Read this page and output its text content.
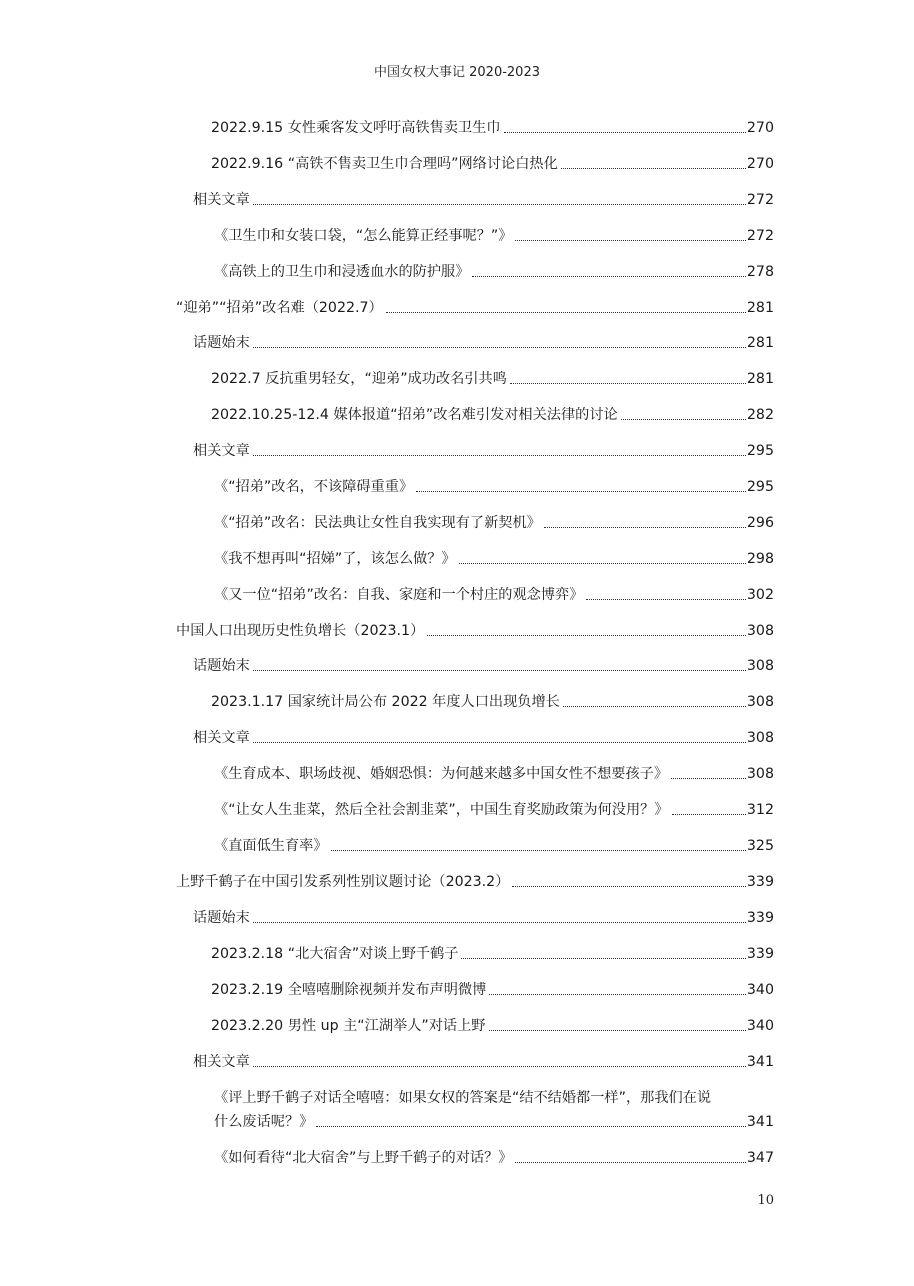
中国女权大事记 2020-2023
2022.9.15 女性乘客发文呼吁高铁售卖卫生巾	270
2022.9.16 “高铁不售卖卫生巾合理吗”网络讨论白热化	270
相关文章	272
《卫生巾和女装口袋，“怎么能算正经事呢？”》	272
《高铁上的卫生巾和浸透血水的防护服》	278
“迎弟”“招弟”改名难（2022.7）	281
话题始末	281
2022.7 反抗重男轻女，“迎弟”成功改名引共鸣	281
2022.10.25-12.4 媒体报道“招弟”改名难引发对相关法律的讨论	282
相关文章	295
《“招弟”改名，不该障碍重重》	295
《“招弟”改名：民法典让女性自我实现有了新契机》	296
《我不想再叫“招娣”了，该怎么做？》	298
《又一位“招弟”改名：自我、家庭和一个村庄的观念博弈》	302
中国人口出现历史性负增长（2023.1）	308
话题始末	308
2023.1.17 国家统计局公布 2022 年度人口出现负增长	308
相关文章	308
《生育成本、职场歧视、婚姻恐惧：为何越来越多中国女性不想要孩子》	308
《“让女人生韭菜，然后全社会割韭菜”，中国生育奖励政策为何没用？》	312
《直面低生育率》	325
上野千鹤子在中国引发系列性别议题讨论（2023.2）	339
话题始末	339
2023.2.18 “北大宿舍”对谈上野千鹤子	339
2023.2.19 全嘻嘻删除视频并发布声明微博	340
2023.2.20 男性 up 主“江湖举人”对话上野	340
相关文章	341
《评上野千鹤子对话全嘻嘻：如果女权的答案是“结不结婚都一样”，那我们在说
什么废话呢？》	341
《如何看待“北大宿舍”与上野千鹤子的对话？》	347
10
